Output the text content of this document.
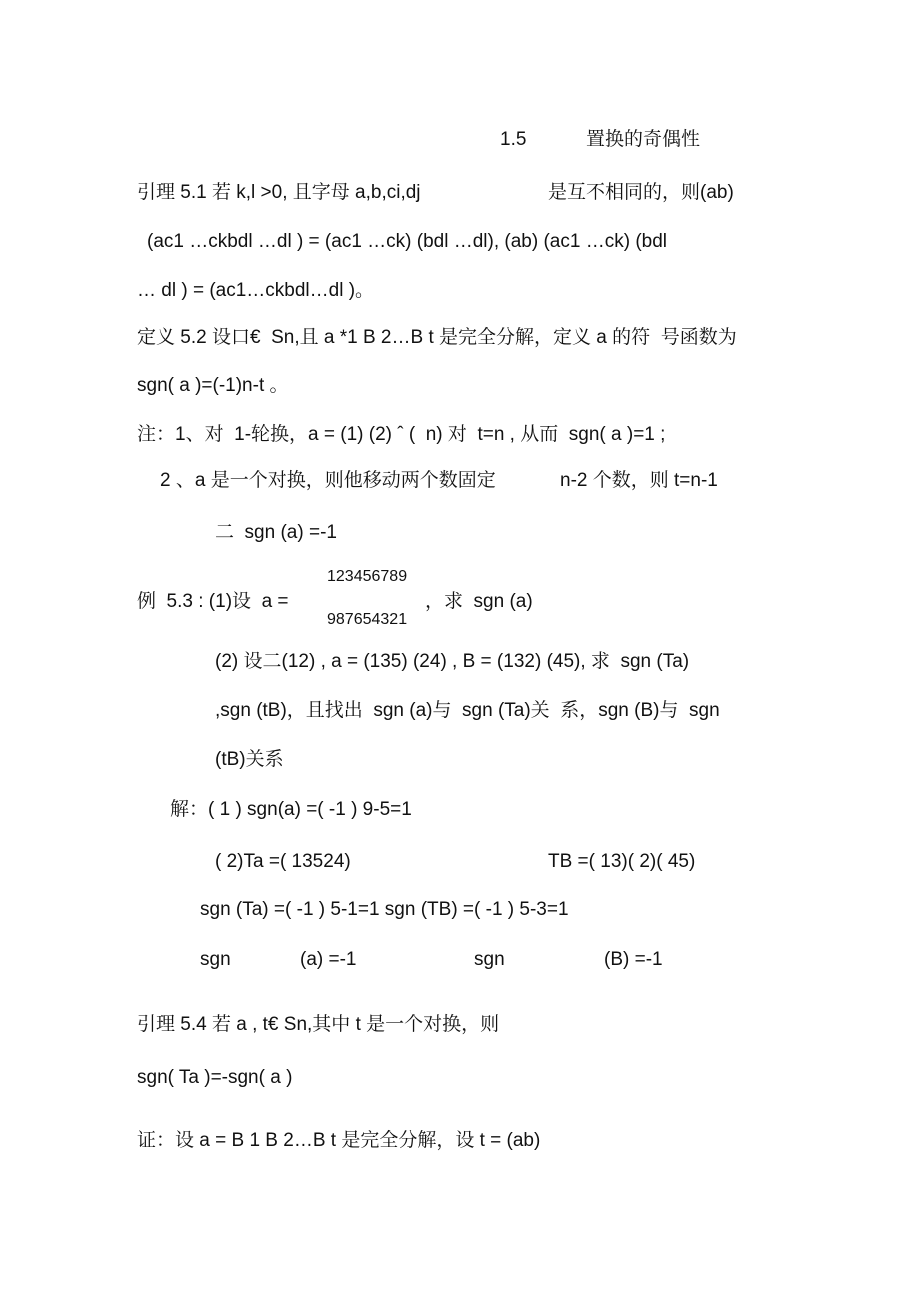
1.5	置换的奇偶性
引理 5.1 若 k,l >0, 且字母 a,b,ci,dj	是互不相同的，则(ab)
(ac1 …ckbdl …dl ) = (ac1 …ck) (bdl …dl), (ab) (ac1 …ck) (bdl
… dl ) = (ac1…ckbdl…dl )。
定义 5.2 设口€  Sn,且 a *1 B 2…B t 是完全分解，定义 a 的符  号函数为
sgn( a )=(-1)n-t 。
注：1、对  1-轮换，a = (1) (2) ˆ (  n) 对  t=n , 从而  sgn( a )=1 ;
2 、a 是一个对换，则他移动两个数固定	n-2 个数，则 t=n-1
二  sgn (a) =-1
123456789
例  5.3 : (1)设  a =	，求  sgn (a)
987654321
(2) 设二(12) , a = (135) (24) , B = (132) (45), 求  sgn (Ta)
,sgn (tB)，且找出  sgn (a)与  sgn (Ta)关  系，sgn (B)与  sgn
(tB)关系
解：( 1 ) sgn(a) =( -1 ) 9-5=1
( 2)Ta =( 13524)	TB =( 13)( 2)( 45)
sgn (Ta) =( -1 ) 5-1=1 sgn (TB) =( -1 ) 5-3=1
sgn	(a) =-1	sgn	(B) =-1
引理 5.4 若 a , t€ Sn,其中 t 是一个对换，则
sgn( Ta )=-sgn( a )
证：设 a = B 1 B 2…B t 是完全分解，设 t = (ab)
